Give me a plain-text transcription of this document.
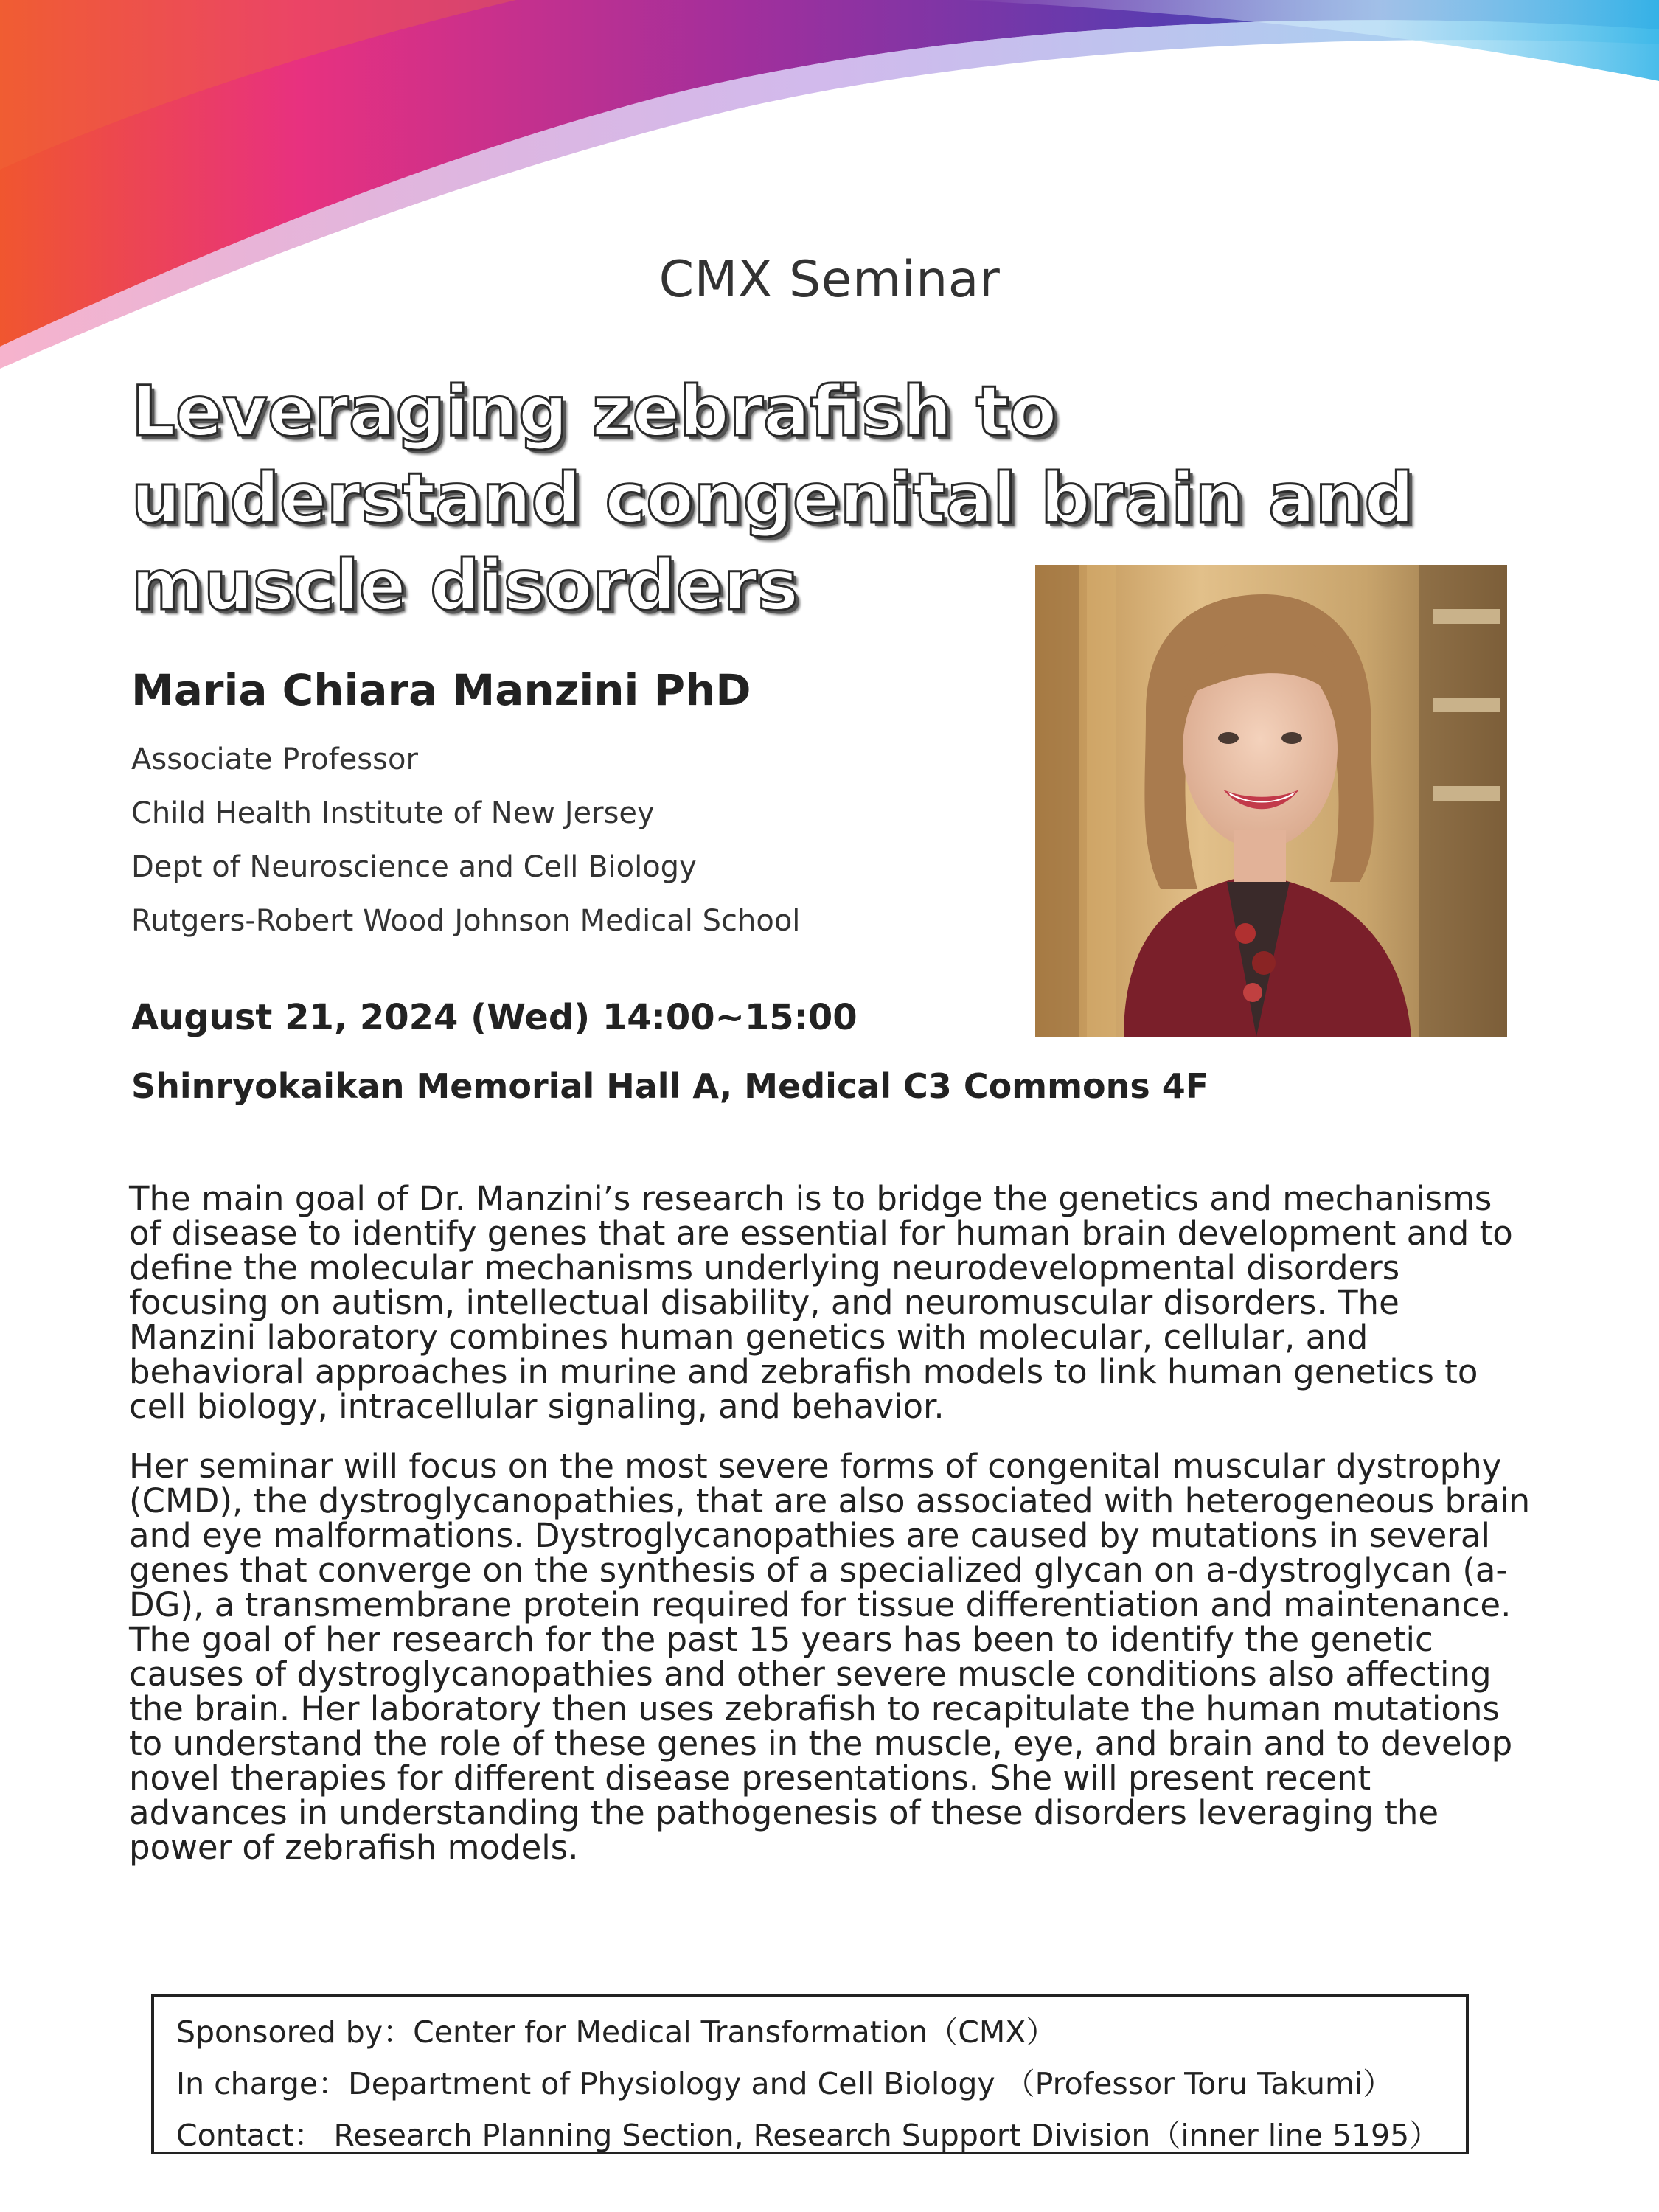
CMX Seminar
Leveraging zebrafish to
understand congenital brain and
muscle disorders
Maria Chiara Manzini PhD
Associate Professor
Child Health Institute of New Jersey
Dept of Neuroscience and Cell Biology
Rutgers-Robert Wood Johnson Medical School
August 21, 2024 (Wed) 14:00~15:00
Shinryokaikan Memorial Hall A, Medical C3 Commons 4F

The main goal of Dr. Manzini’s research is to bridge the genetics and mechanisms of disease to identify genes that are essential for human brain development and to define the molecular mechanisms underlying neurodevelopmental disorders focusing on autism, intellectual disability, and neuromuscular disorders. The Manzini laboratory combines human genetics with molecular, cellular, and behavioral approaches in murine and zebrafish models to link human genetics to cell biology, intracellular signaling, and behavior.

Her seminar will focus on the most severe forms of congenital muscular dystrophy (CMD), the dystroglycanopathies, that are also associated with heterogeneous brain and eye malformations. Dystroglycanopathies are caused by mutations in several genes that converge on the synthesis of a specialized glycan on a-dystroglycan (a-DG), a transmembrane protein required for tissue differentiation and maintenance. The goal of her research for the past 15 years has been to identify the genetic causes of dystroglycanopathies and other severe muscle conditions also affecting the brain. Her laboratory then uses zebrafish to recapitulate the human mutations to understand the role of these genes in the muscle, eye, and brain and to develop novel therapies for different disease presentations. She will present recent advances in understanding the pathogenesis of these disorders leveraging the power of zebrafish models.

Sponsored by：Center for Medical Transformation（CMX）
In charge：Department of Physiology and Cell Biology （Professor Toru Takumi）
Contact： Research Planning Section, Research Support Division（inner line 5195）
